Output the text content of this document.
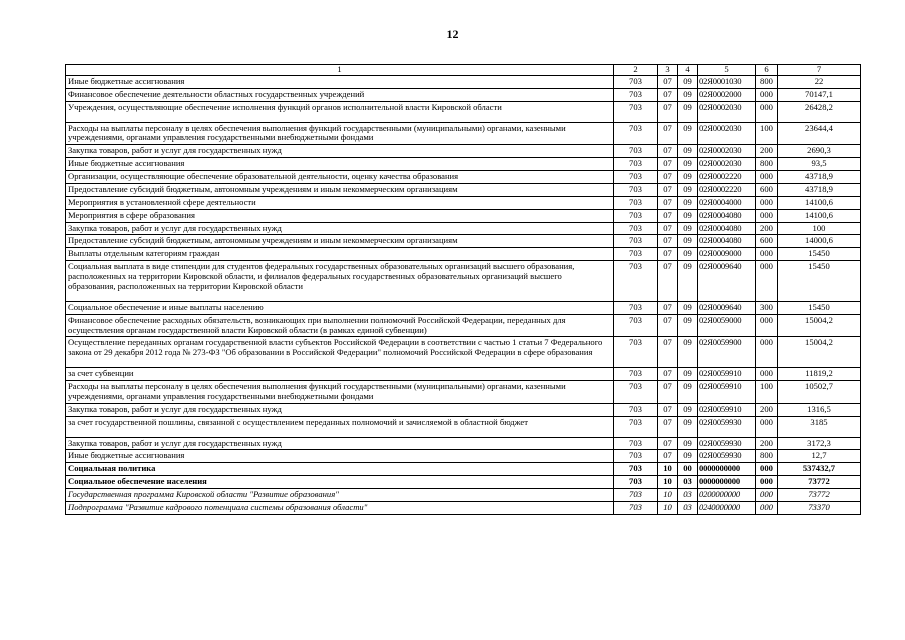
12
1	2	3	4	5	6	7
Иные бюджетные ассигнования	703	07	09	02Я0001030	800	22
Финансовое обеспечение деятельности областных государственных учреждений	703	07	09	02Я0002000	000	70147,1
Учреждения, осуществляющие обеспечение исполнения функций органов исполнительной власти Кировской области	703	07	09	02Я0002030	000	26428,2
Расходы на выплаты персоналу в целях обеспечения выполнения функций государственными (муниципальными) органами, казенными учреждениями, органами управления государственными внебюджетными фондами	703	07	09	02Я0002030	100	23644,4
Закупка товаров, работ и услуг для государственных нужд	703	07	09	02Я0002030	200	2690,3
Иные бюджетные ассигнования	703	07	09	02Я0002030	800	93,5
Организации, осуществляющие обеспечение образовательной деятельности, оценку качества образования	703	07	09	02Я0002220	000	43718,9
Предоставление субсидий бюджетным, автономным учреждениям и иным некоммерческим организациям	703	07	09	02Я0002220	600	43718,9
Мероприятия в установленной сфере деятельности	703	07	09	02Я0004000	000	14100,6
Мероприятия в сфере образования	703	07	09	02Я0004080	000	14100,6
Закупка товаров, работ и услуг для государственных нужд	703	07	09	02Я0004080	200	100
Предоставление субсидий бюджетным, автономным учреждениям и иным некоммерческим организациям	703	07	09	02Я0004080	600	14000,6
Выплаты отдельным категориям граждан	703	07	09	02Я0009000	000	15450
Социальная выплата в виде стипендии для студентов федеральных государственных образовательных организаций высшего образования, расположенных на территории Кировской области, и филиалов федеральных государственных образовательных организаций высшего образования, расположенных на территории Кировской области	703	07	09	02Я0009640	000	15450
Социальное обеспечение и иные выплаты населению	703	07	09	02Я0009640	300	15450
Финансовое обеспечение расходных обязательств, возникающих при выполнении полномочий Российской Федерации, переданных для осуществления органам государственной власти Кировской области (в рамках единой субвенции)	703	07	09	02Я0059000	000	15004,2
Осуществление переданных органам государственной власти субъектов Российской Федерации в соответствии с частью 1 статьи 7 Федерального закона от 29 декабря 2012 года № 273-ФЗ "Об образовании в Российской Федерации" полномочий Российской Федерации в сфере образования	703	07	09	02Я0059900	000	15004,2
за счет субвенции	703	07	09	02Я0059910	000	11819,2
Расходы на выплаты персоналу в целях обеспечения выполнения функций государственными (муниципальными) органами, казенными учреждениями, органами управления государственными внебюджетными фондами	703	07	09	02Я0059910	100	10502,7
Закупка товаров, работ и услуг для государственных нужд	703	07	09	02Я0059910	200	1316,5
за счет государственной пошлины, связанной с осуществлением переданных полномочий и зачисляемой в областной бюджет	703	07	09	02Я0059930	000	3185
Закупка товаров, работ и услуг для государственных нужд	703	07	09	02Я0059930	200	3172,3
Иные бюджетные ассигнования	703	07	09	02Я0059930	800	12,7
Социальная политика	703	10	00	0000000000	000	537432,7
Социальное обеспечение населения	703	10	03	0000000000	000	73772
Государственная программа Кировской области "Развитие образования"	703	10	03	0200000000	000	73772
Подпрограмма "Развитие кадрового потенциала системы образования области"	703	10	03	0240000000	000	73370
